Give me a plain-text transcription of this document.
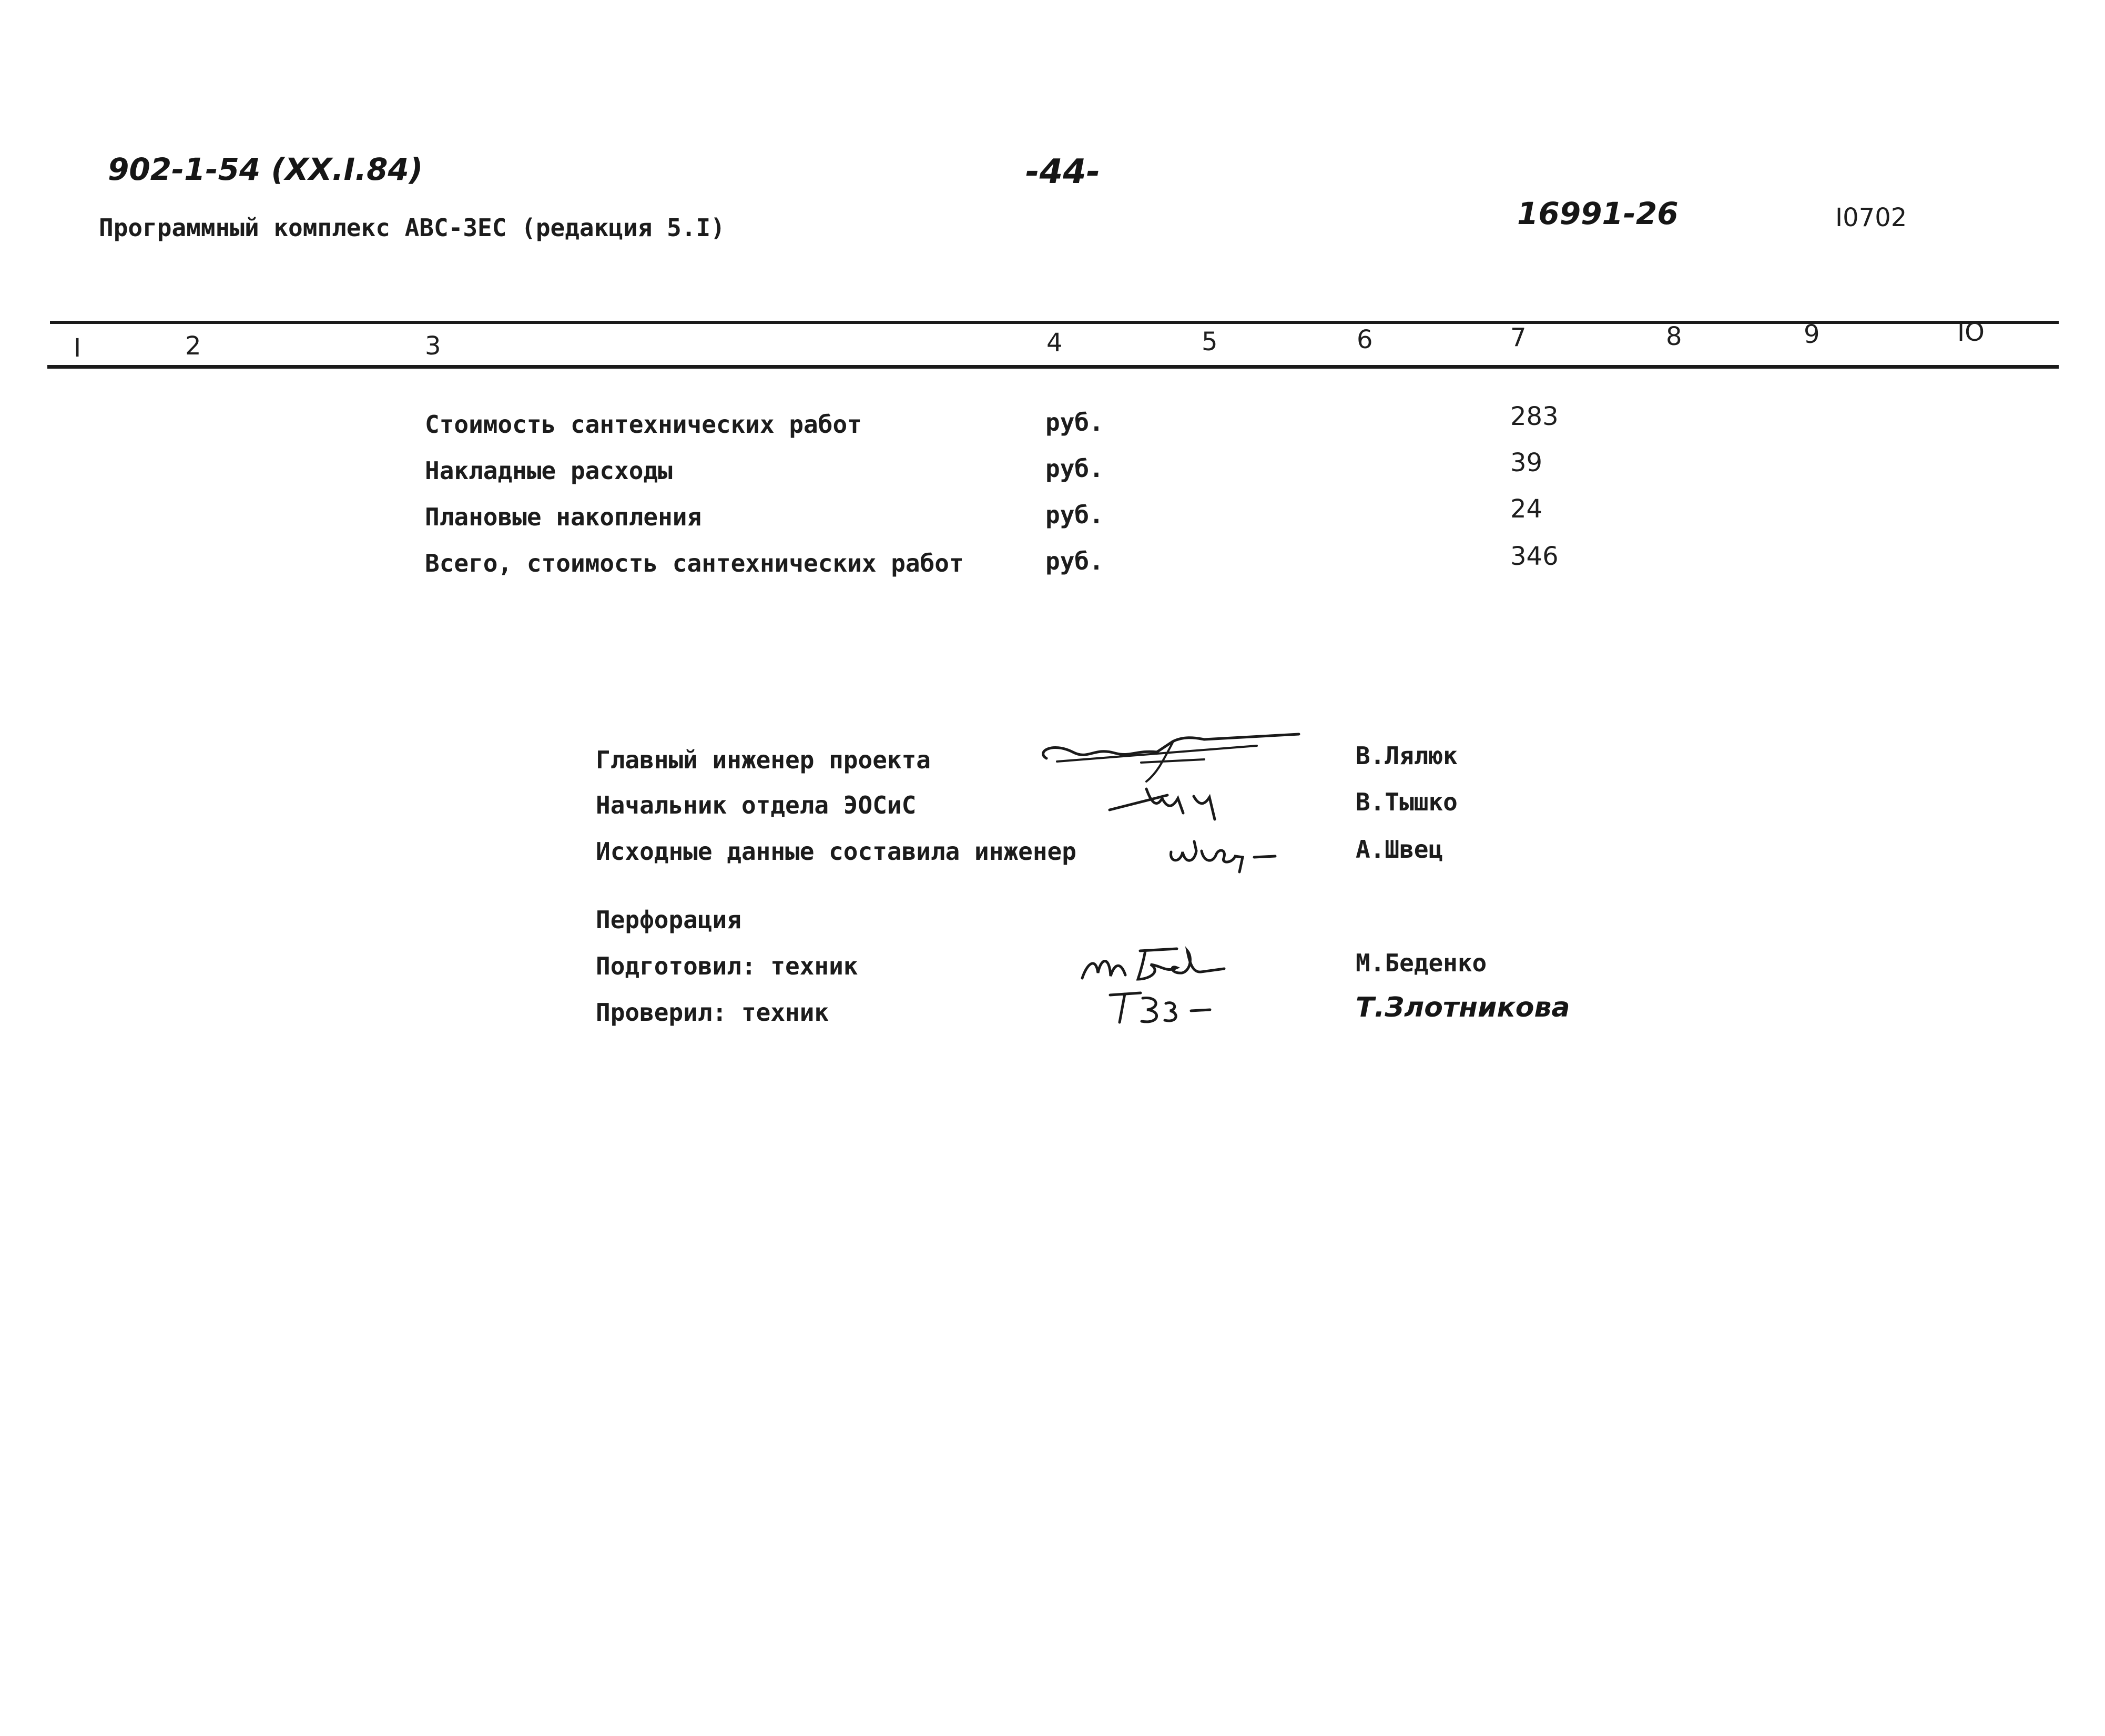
902-1-54 (XX.I.84)	-44-
Программный комплекс АВС-ЗЕС (редакция 5.I)	16991-26	I0702
I	2	3	4	5	6	7	8	9	IO
Стоимость сантехнических работ	руб.	283
Накладные расходы	руб.	39
Плановые накопления	руб.	24
Всего, стоимость сантехнических работ	руб.	346
Главный инженер проекта	В.Лялюк
Начальник отдела ЭОСиС	В.Тышко
Исходные данные составила инженер	А.Швец
Перфорация
Подготовил: техник	М.Беденко
Проверил: техник	Т.Злотникова
